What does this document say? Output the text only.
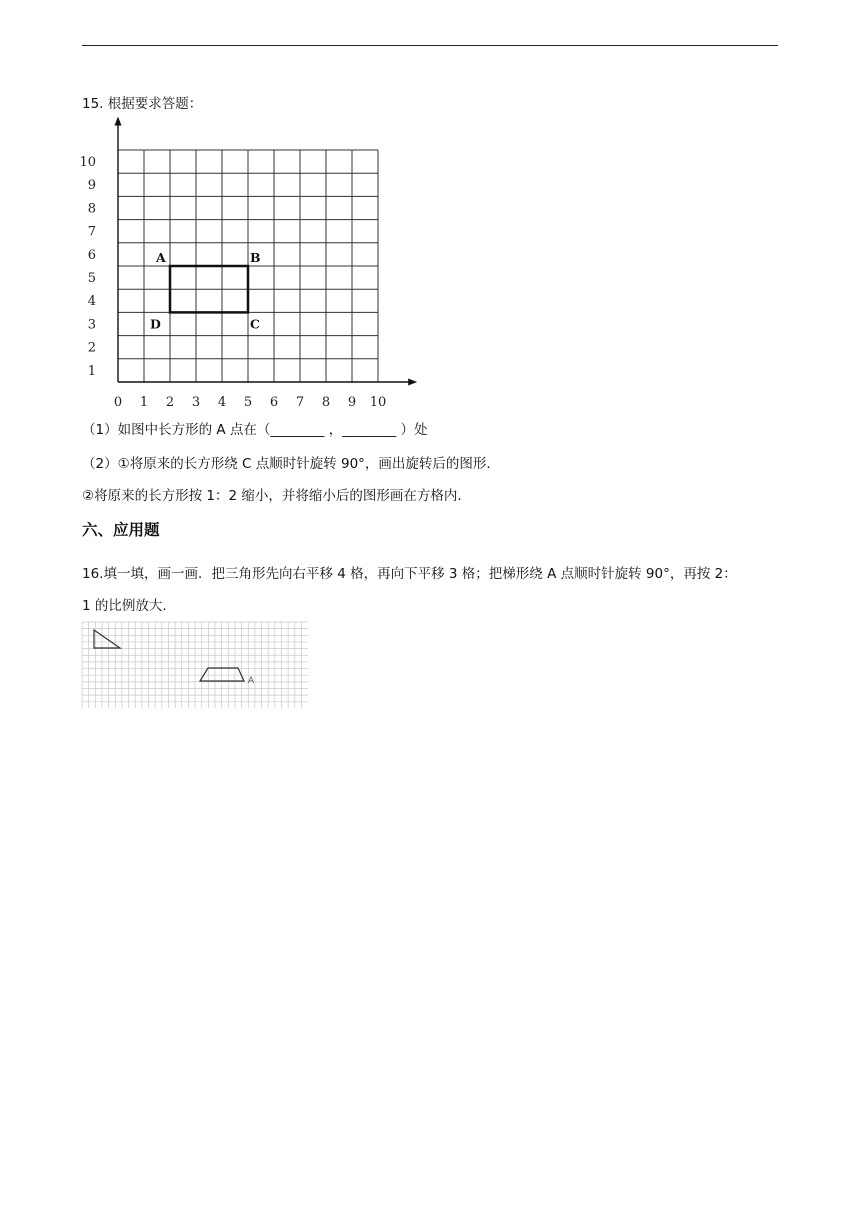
15. 根据要求答题：
0 1 2 3 4 5 6 7 8 9 10
1
2
3
4
5
6
7
8
9
10
A	B
C
D
（1）如图中长方形的 A 点在（________ ，________ ）处
（2）①将原来的长方形绕 C 点顺时针旋转 90°，画出旋转后的图形.
②将原来的长方形按 1：2 缩小，并将缩小后的图形画在方格内.
六、应用题
16.填一填，画一画．把三角形先向右平移 4 格，再向下平移 3 格；把梯形绕 A 点顺时针旋转 90°，再按 2：
1 的比例放大.
A
